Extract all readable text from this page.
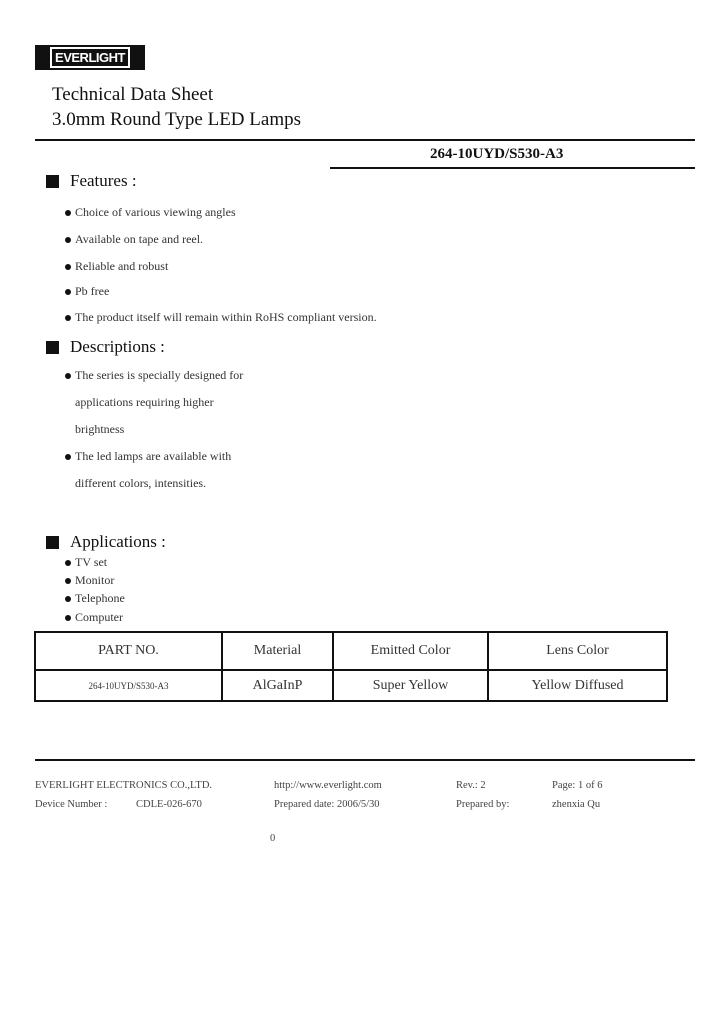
EVERLIGHT
Technical Data Sheet
3.0mm Round Type LED Lamps
264-10UYD/S530-A3
Features :
Choice of various viewing angles
Available on tape and reel.
Reliable and robust
Pb free
The product itself will remain within RoHS compliant version.
Descriptions :
The series is specially designed for
applications requiring higher
brightness
The led lamps are available with
different colors, intensities.
Applications :
TV set
Monitor
Telephone
Computer
PART NO.	Material	Emitted Color	Lens Color
264-10UYD/S530-A3	AlGaInP	Super Yellow	Yellow Diffused
EVERLIGHT ELECTRONICS CO.,LTD.	http://www.everlight.com	Rev.: 2	Page: 1 of 6
Device Number :	CDLE-026-670	Prepared date: 2006/5/30	Prepared by:	zhenxia Qu
0
